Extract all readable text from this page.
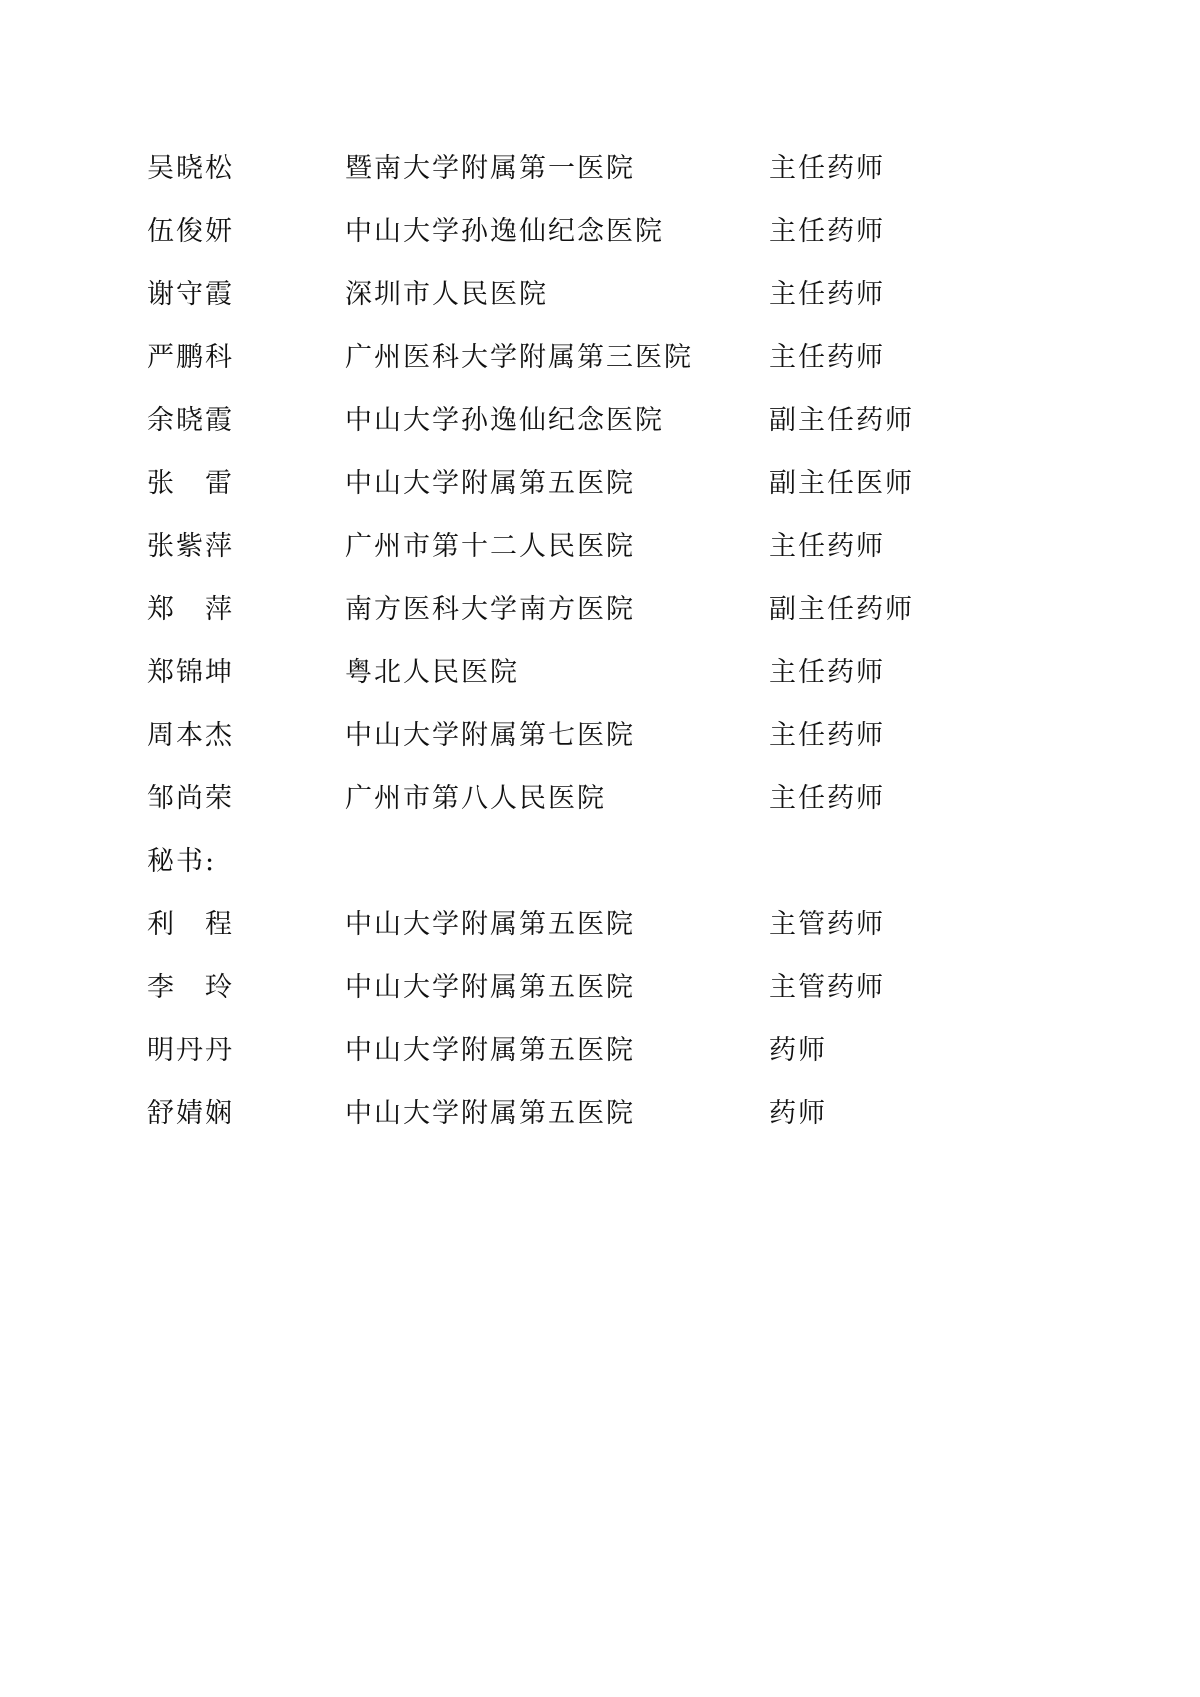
吴晓松	暨南大学附属第一医院	主任药师
伍俊妍	中山大学孙逸仙纪念医院	主任药师
谢守霞	深圳市人民医院	主任药师
严鹏科	广州医科大学附属第三医院	主任药师
余晓霞	中山大学孙逸仙纪念医院	副主任药师
张 雷	中山大学附属第五医院	副主任医师
张紫萍	广州市第十二人民医院	主任药师
郑 萍	南方医科大学南方医院	副主任药师
郑锦坤	粤北人民医院	主任药师
周本杰	中山大学附属第七医院	主任药师
邹尚荣	广州市第八人民医院	主任药师
秘书:
利 程	中山大学附属第五医院	主管药师
李 玲	中山大学附属第五医院	主管药师
明丹丹	中山大学附属第五医院	药师
舒婧娴	中山大学附属第五医院	药师
